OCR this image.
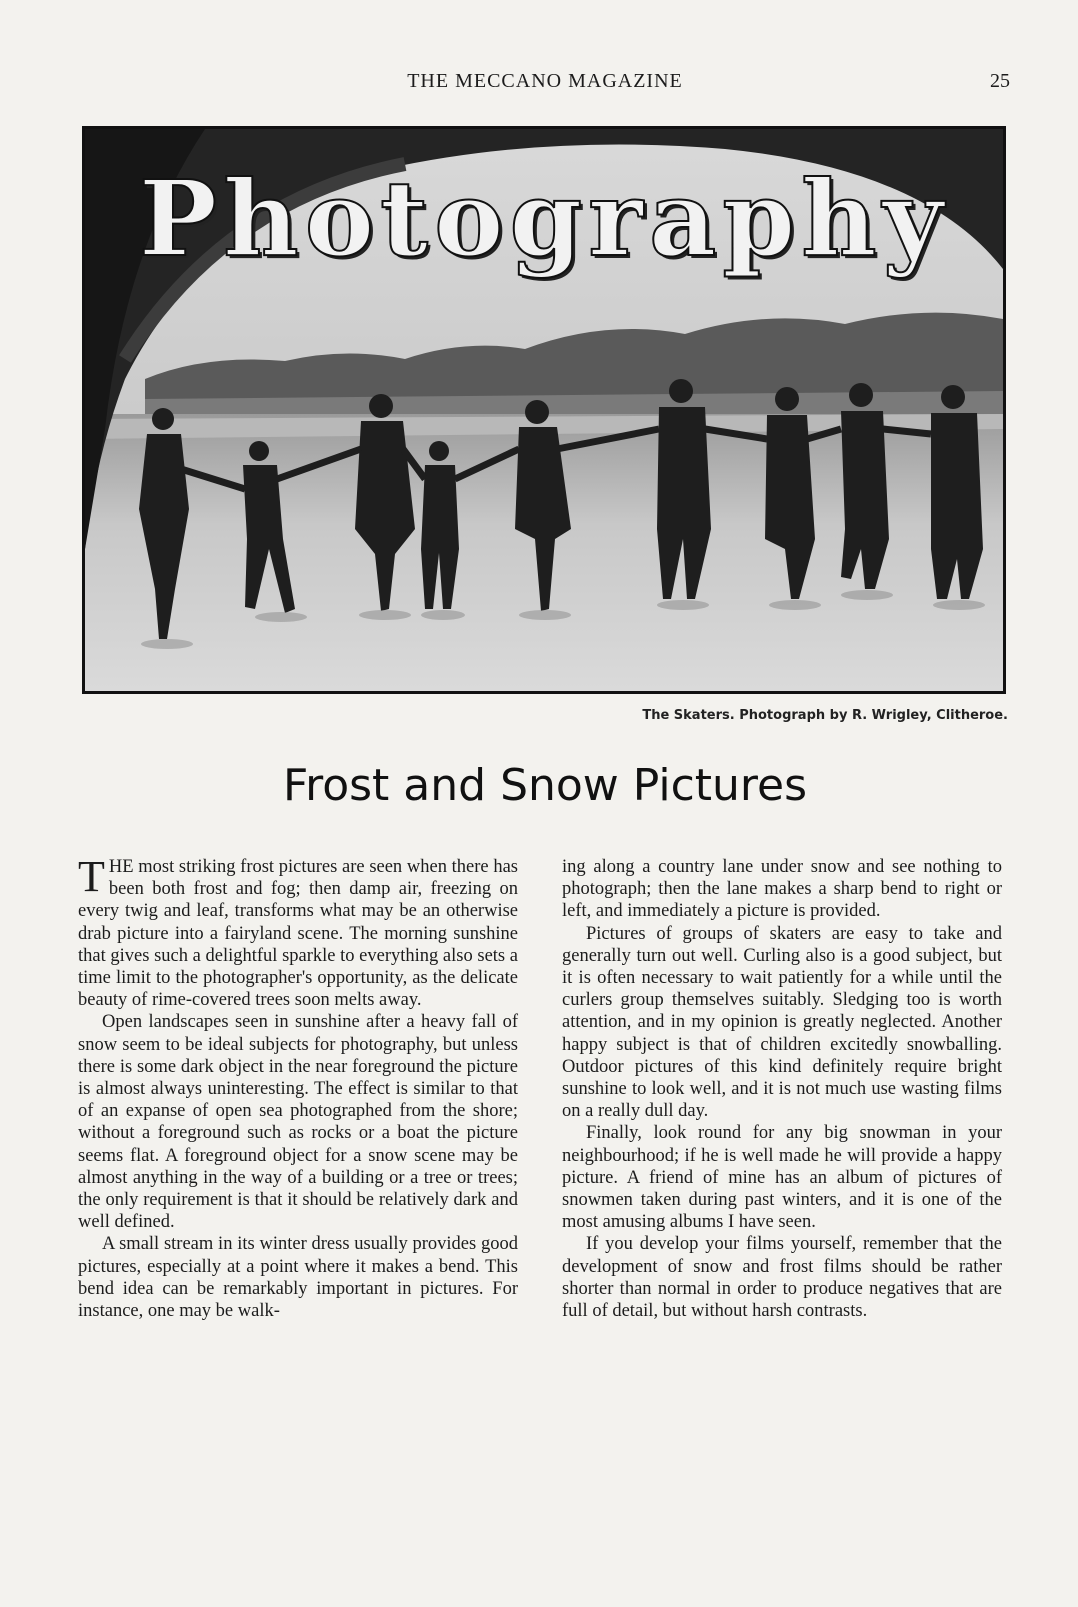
THE MECCANO MAGAZINE	25
Photography
The Skaters. Photograph by R. Wrigley, Clitheroe.
Frost and Snow Pictures

THE most striking frost pictures are seen when there has been both frost and fog; then damp air, freezing on every twig and leaf, transforms what may be an otherwise drab picture into a fairyland scene. The morning sunshine that gives such a delightful sparkle to everything also sets a time limit to the photographer's opportunity, as the delicate beauty of rime-covered trees soon melts away.

Open landscapes seen in sunshine after a heavy fall of snow seem to be ideal subjects for photography, but unless there is some dark object in the near foreground the picture is almost always uninteresting. The effect is similar to that of an expanse of open sea photographed from the shore; without a foreground such as rocks or a boat the picture seems flat. A foreground object for a snow scene may be almost anything in the way of a building or a tree or trees; the only requirement is that it should be relatively dark and well defined.

A small stream in its winter dress usually provides good pictures, especially at a point where it makes a bend. This bend idea can be remarkably important in pictures. For instance, one may be walk-

ing along a country lane under snow and see nothing to photograph; then the lane makes a sharp bend to right or left, and immediately a picture is provided.

Pictures of groups of skaters are easy to take and generally turn out well. Curling also is a good subject, but it is often necessary to wait patiently for a while until the curlers group themselves suitably. Sledging too is worth attention, and in my opinion is greatly neglected. Another happy subject is that of children excitedly snowballing. Outdoor pictures of this kind definitely require bright sunshine to look well, and it is not much use wasting films on a really dull day.

Finally, look round for any big snowman in your neighbourhood; if he is well made he will provide a happy picture. A friend of mine has an album of pictures of snowmen taken during past winters, and it is one of the most amusing albums I have seen.

If you develop your films yourself, remember that the development of snow and frost films should be rather shorter than normal in order to produce negatives that are full of detail, but without harsh contrasts.
